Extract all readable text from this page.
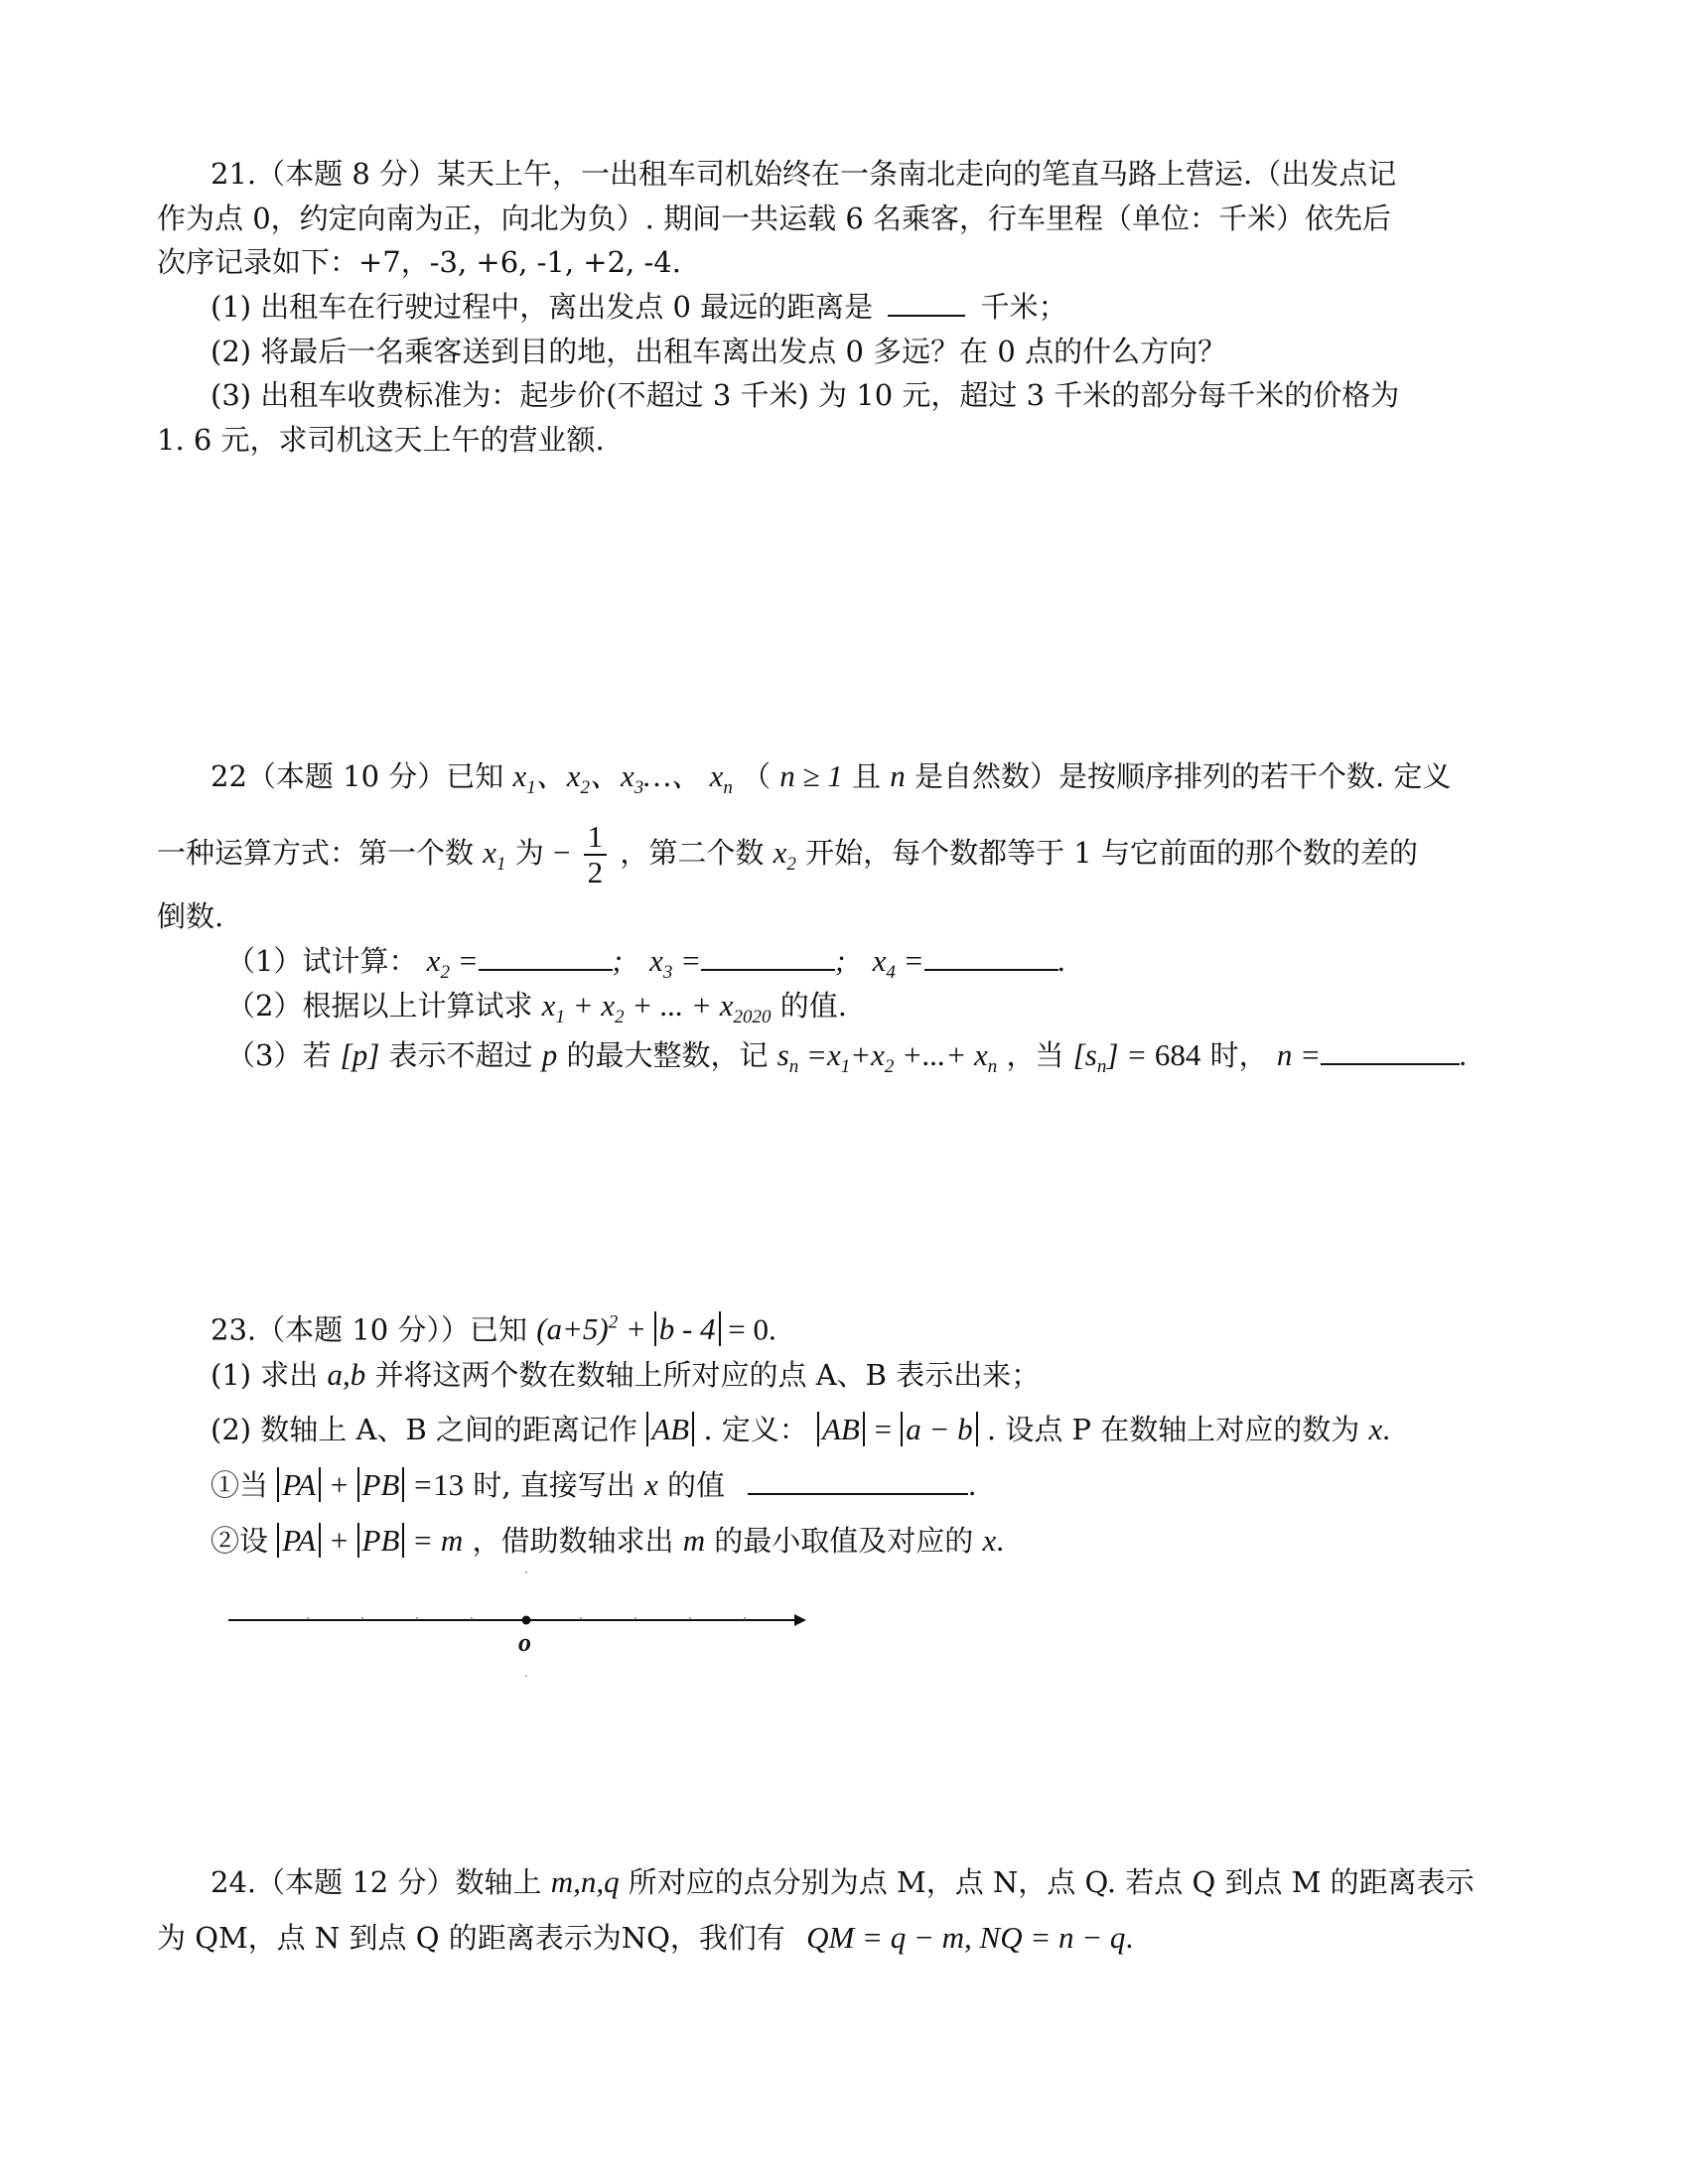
21.（本题 8 分）某天上午，一出租车司机始终在一条南北走向的笔直马路上营运.（出发点记
作为点 0，约定向南为正，向北为负）. 期间一共运载 6 名乘客，行车里程（单位：千米）依先后
次序记录如下：+7，-3, +6, -1, +2, -4.
(1) 出租车在行驶过程中，离出发点 0 最远的距离是	千米；
(2) 将最后一名乘客送到目的地，出租车离出发点 0 多远？在 0 点的什么方向？
(3) 出租车收费标准为：起步价(不超过 3 千米) 为 10 元，超过 3 千米的部分每千米的价格为
1. 6 元，求司机这天上午的营业额.
22（本题 10 分）已知 $x_1$、$x_2$、$x_3\dots$、 $x_n$ （ n ≥ 1 且 n 是自然数）是按顺序排列的若干个数. 定义
一种运算方式：第一个数 $x_1$ 为 − $\frac{1}{2}$ ，第二个数 $x_2$ 开始，每个数都等于 1 与它前面的那个数的差的
倒数.
（1）试计算： $x_2$ =	; $x_3$ =	; $x_4$ =	.
（2）根据以上计算试求 $x_1 + x_2$ + ... + $x_{2020}$ 的值.
（3）若 [p] 表示不超过 p 的最大整数，记 $s_n =x_1+x_2$ +...+ $x_n$ ，当 $[s_n] = 684$ 时， n =	.
23.（本题 10 分））已知 $(a+5)^2 + b - 4 = 0$.
(1) 求出 a,b 并将这两个数在数轴上所对应的点 A、B 表示出来；
(2) 数轴上 A、B 之间的距离记作 AB . 定义： AB = a − b . 设点 P 在数轴上对应的数为 x.
①当 PA + PB =13 时, 直接写出 x 的值	.
②设 PA + PB = m ，借助数轴求出 m 的最小取值及对应的 x.
o
24.（本题 12 分）数轴上 m,n,q 所对应的点分别为点 M，点 N，点 Q. 若点 Q 到点 M 的距离表示
为 QM，点 N 到点 Q 的距离表示为NQ，我们有 QM = q − m, NQ = n − q.
